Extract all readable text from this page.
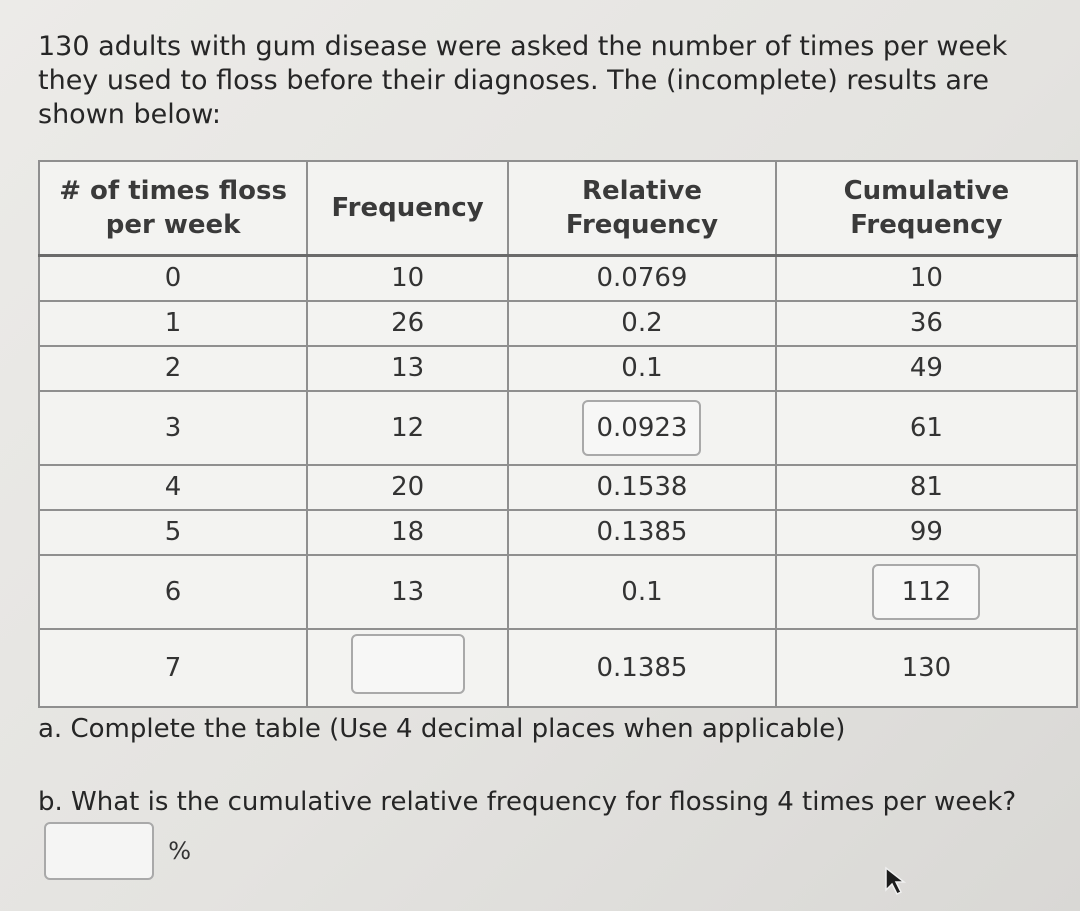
130 adults with gum disease were asked the number of times per week they used to floss before their diagnoses. The (incomplete) results are shown below:
# of times floss per week	Frequency	Relative Frequency	Cumulative Frequency
0	10	0.0769	10
1	26	0.2	36
2	13	0.1	49
3	12	0.0923	61
4	20	0.1538	81
5	18	0.1385	99
6	13	0.1	112
7		0.1385	130
a. Complete the table (Use 4 decimal places when applicable)
b. What is the cumulative relative frequency for flossing 4 times per week?  %
